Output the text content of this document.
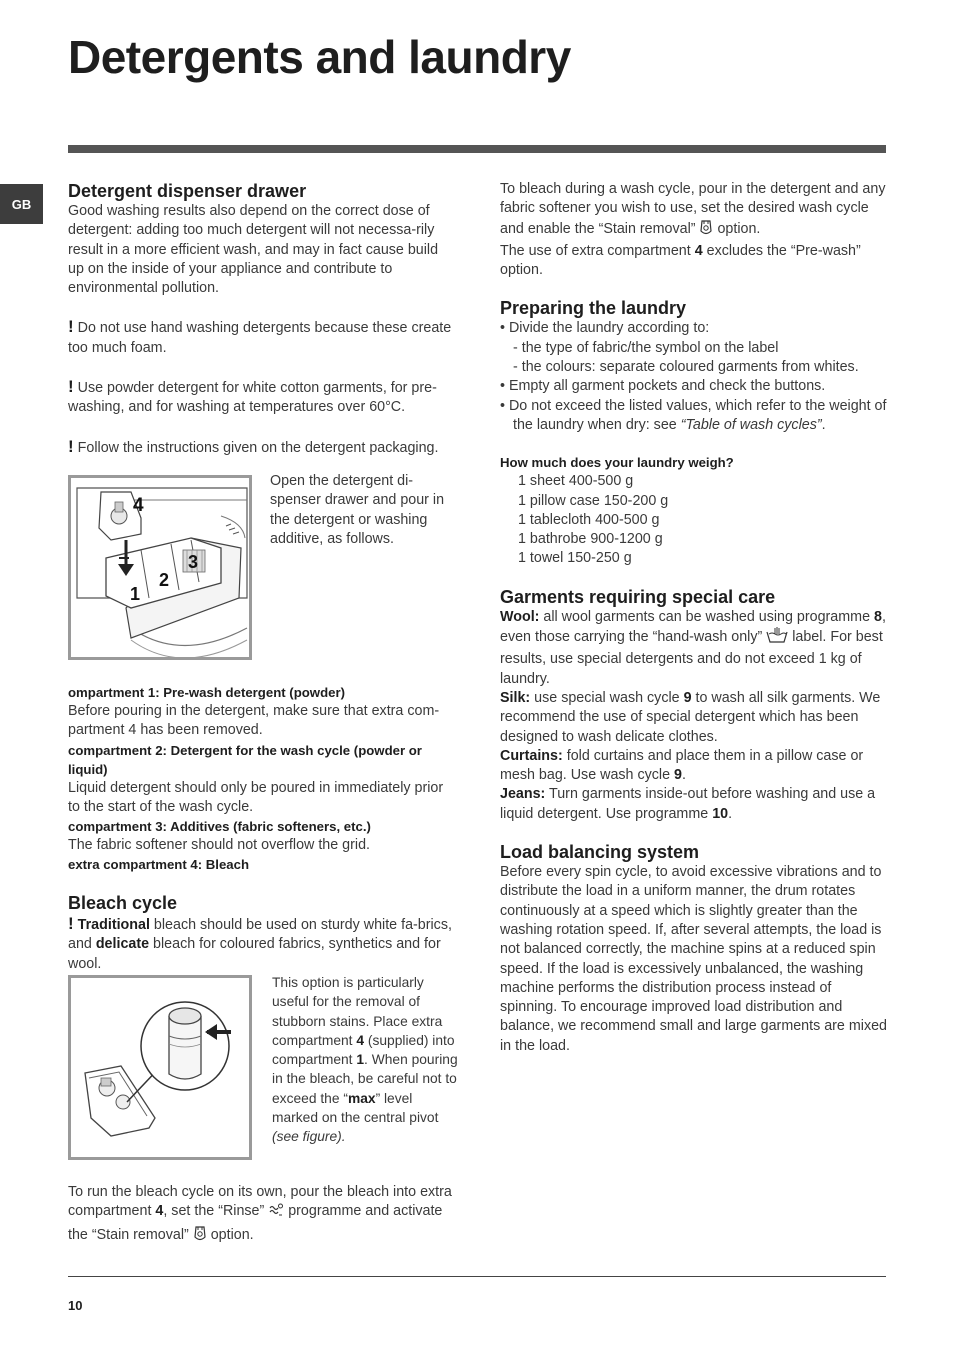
Detergents and laundry
GB
Detergent dispenser drawer

Good washing results also depend on the correct dose of detergent: adding too much detergent will not necessa-rily result in a more efficient wash, and may in fact cause build up on the inside of your appliance and contribute to environmental pollution.

! Do not use hand washing detergents because these create too much foam.

! Use powder detergent for white cotton garments, for pre-washing, and for washing at temperatures over 60°C.

! Follow the instructions given on the detergent packaging.

4
3
2
1
Open the detergent di-spenser drawer and pour in the detergent or washing additive, as follows.
ompartment 1: Pre-wash detergent (powder)

Before pouring in the detergent, make sure that extra com-partment 4 has been removed.

compartment 2: Detergent for the wash cycle (powder or liquid)

Liquid detergent should only be poured in immediately prior to the start of the wash cycle.

compartment 3: Additives (fabric softeners, etc.)

The fabric softener should not overflow the grid.

extra compartment 4: Bleach
Bleach cycle

! Traditional bleach should be used on sturdy white fa-brics, and delicate bleach for coloured fabrics, synthetics and for wool.

This option is particularly useful for the removal of stubborn stains. Place extra compartment 4 (supplied) into compartment 1. When pouring in the bleach, be careful not to exceed the “max” level marked on the central pivot (see figure).

To run the bleach cycle on its own, pour the bleach into extra compartment 4, set the “Rinse”  programme and activate the “Stain removal”  option.

To bleach during a wash cycle, pour in the detergent and any fabric softener you wish to use, set the desired wash cycle and enable the “Stain removal”  option.

The use of extra compartment 4 excludes the “Pre-wash” option.

Preparing the laundry

• Divide the laundry according to:

- the type of fabric/the symbol on the label

- the colours: separate coloured garments from whites.

• Empty all garment pockets and check the buttons.

• Do not exceed the listed values, which refer to the weight of the laundry when dry: see “Table of wash cycles”.

How much does your laundry weigh?

1 sheet 400-500 g

1 pillow case 150-200 g

1 tablecloth 400-500 g

1 bathrobe 900-1200 g

1 towel 150-250 g

Garments requiring special care

Wool: all wool garments can be washed using programme 8, even those carrying the “hand-wash only”  label. For best results, use special detergents and do not exceed 1 kg of laundry.

Silk: use special wash cycle 9 to wash all silk garments. We recommend the use of special detergent which has been designed to wash delicate clothes.

Curtains: fold curtains and place them in a pillow case or mesh bag. Use wash cycle 9.

Jeans: Turn garments inside-out before washing and use a liquid detergent. Use programme 10.

Load balancing system

Before every spin cycle, to avoid excessive vibrations and to distribute the load in a uniform manner, the drum rotates continuously at a speed which is slightly greater than the washing rotation speed. If, after several attempts, the load is not balanced correctly, the machine spins at a reduced spin speed. If the load is excessively unbalanced, the washing machine performs the distribution process instead of spinning. To encourage improved load distribution and balance, we recommend small and large garments are mixed in the load.

10
